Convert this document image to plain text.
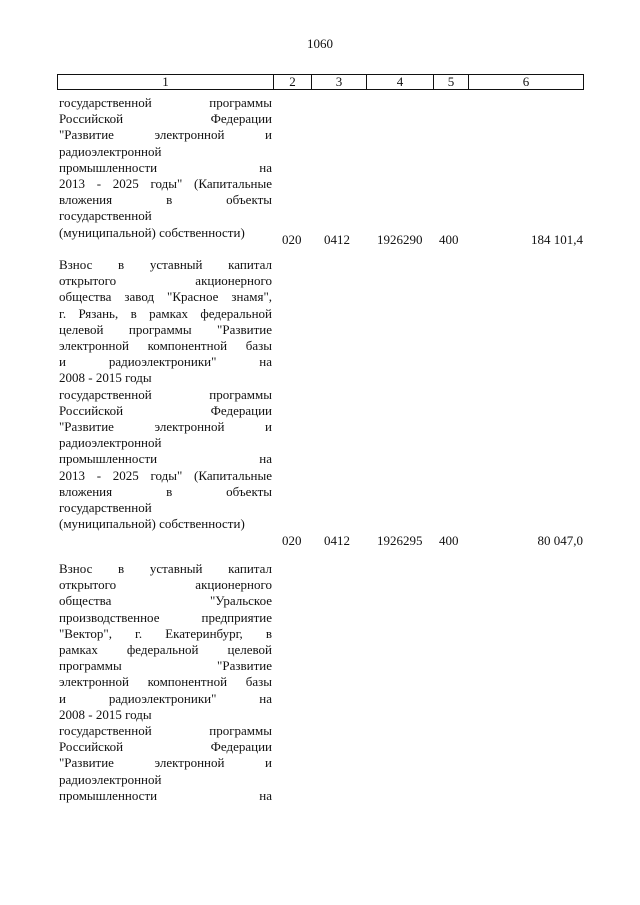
1060
1	2	3	4	5	6
государственной	программы
Российской	Федерации
"Развитие	электронной	и
радиоэлектронной
промышленности	на
2013 - 2025 годы" (Капитальные
вложения	в	объекты
государственной
(муниципальной) собственности)	020 0412 1926290 400	184 101,4
Взнос в уставный капитал
открытого	акционерного
общества завод "Красное знамя",
г. Рязань, в рамках федеральной
целевой программы "Развитие
электронной компонентной базы
и	радиоэлектроники"	на
2008 - 2015 годы
государственной	программы
Российской	Федерации
"Развитие	электронной	и
радиоэлектронной
промышленности	на
2013 - 2025 годы" (Капитальные
вложения	в	объекты
государственной
(муниципальной) собственности)
020 0412 1926295 400	80 047,0
Взнос в уставный капитал
открытого	акционерного
общества	"Уральское
производственное	предприятие
"Вектор", г. Екатеринбург, в
рамках федеральной целевой
программы	"Развитие
электронной компонентной базы
и	радиоэлектроники"	на
2008 - 2015 годы
государственной	программы
Российской	Федерации
"Развитие	электронной	и
радиоэлектронной
промышленности	на
